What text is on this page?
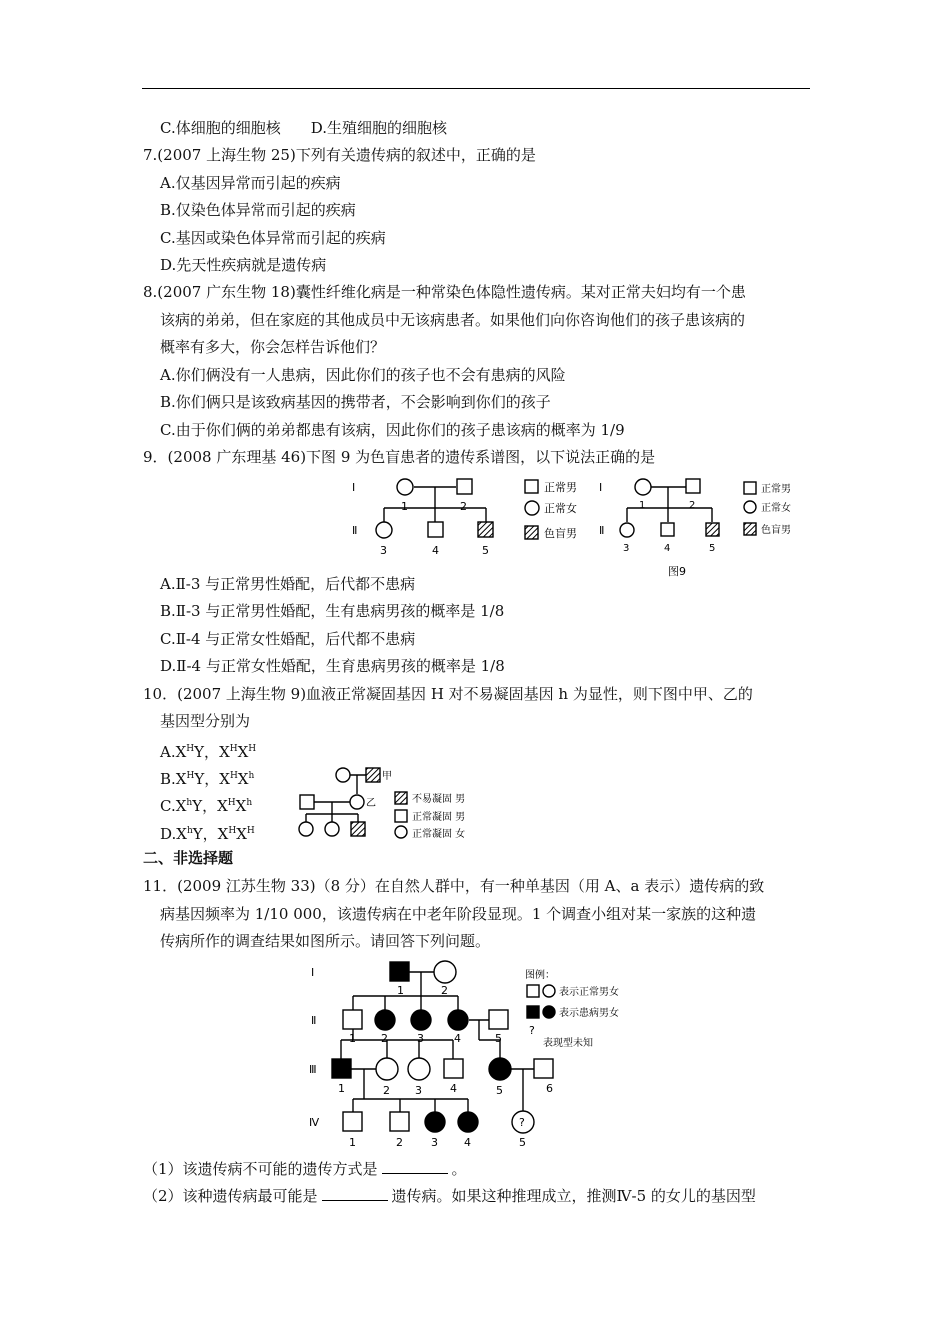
C.体细胞的细胞核　　D.生殖细胞的细胞核
7.(2007 上海生物 25)下列有关遗传病的叙述中，正确的是
A.仅基因异常而引起的疾病
B.仅染色体异常而引起的疾病
C.基因或染色体异常而引起的疾病
D.先天性疾病就是遗传病
8.(2007 广东生物 18)囊性纤维化病是一种常染色体隐性遗传病。某对正常夫妇均有一个患
该病的弟弟，但在家庭的其他成员中无该病患者。如果他们向你咨询他们的孩子患该病的
概率有多大，你会怎样告诉他们？
A.你们俩没有一人患病，因此你们的孩子也不会有患病的风险
B.你们俩只是该致病基因的携带者，不会影响到你们的孩子
C.由于你们俩的弟弟都患有该病，因此你们的孩子患该病的概率为 1/9
9．(2008 广东理基 46)下图 9 为色盲患者的遗传系谱图，以下说法正确的是
Ⅰ
Ⅱ
1	2
3	4	5
正常男
正常女
色盲男
Ⅰ
Ⅱ
1	2
3	4	5
正常男
正常女
色盲男
图9
A.Ⅱ-3 与正常男性婚配，后代都不患病
B.Ⅱ-3 与正常男性婚配，生有患病男孩的概率是 1/8
C.Ⅱ-4 与正常女性婚配，后代都不患病
D.Ⅱ-4 与正常女性婚配，生育患病男孩的概率是 1/8
10．(2007 上海生物 9)血液正常凝固基因 H 对不易凝固基因 h 为显性，则下图中甲、乙的
基因型分别为
$A.X^HY$，$X^HX^H$
$B.X^HY$，$X^HX^h$
$C.X^hY$，$X^HX^h$
$D.X^hY$，$X^HX^H$
甲
乙	不易凝固 男
正常凝固 男
正常凝固 女
二、非选择题
11．(2009 江苏生物 33)（8 分）在自然人群中，有一种单基因（用 A、a 表示）遗传病的致
病基因频率为 1/10 000，该遗传病在中老年阶段显现。1 个调查小组对某一家族的这种遗
传病所作的调查结果如图所示。请回答下列问题。
Ⅰ
Ⅱ
Ⅲ
Ⅳ
1	2
1 2	3	4	5
1	2 3	4	5	6
1	2	3 4	5
?
图例：
表示正常男女
表示患病男女
?
表现型未知
（1）该遗传病不可能的遗传方式是	。
（2）该种遗传病最可能是	遗传病。如果这种推理成立，推测Ⅳ-5 的女儿的基因型
